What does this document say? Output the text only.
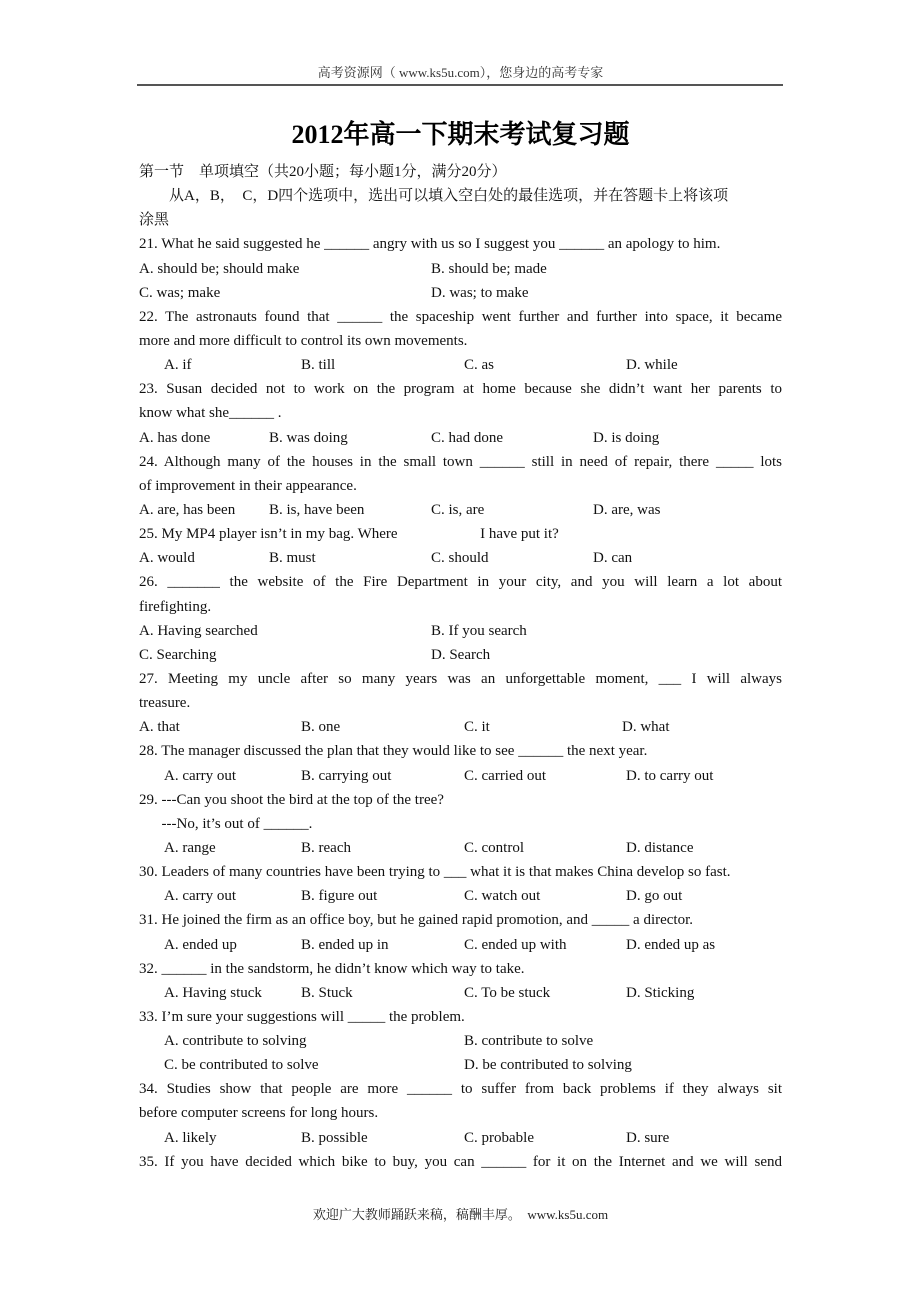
高考资源网（ www.ks5u.com），您身边的高考专家
2012年高一下期末考试复习题
第一节    单项填空（共20小题；每小题1分，满分20分）
从A，B，  C，D四个选项中，选出可以填入空白处的最佳选项，并在答题卡上将该项
涂黑
21. What he said suggested he ______ angry with us so I suggest you ______ an apology to him.
A. should be; should make	B. should be; made
C. was; make	D. was; to make
22. The astronauts found that ______ the spaceship went further and further into space, it became
more and more difficult to control its own movements.
A. if	B. till	C. as	D. while
23. Susan decided not to work on the program at home because she didn’t want her parents to
know what she______ .
A. has done	B. was doing	C. had done	D. is doing
24. Although many of the houses in the small town ______ still in need of repair, there _____ lots
of improvement in their appearance.
A. are, has been B. is, have been	C. is, are	D. are, was
25. My MP4 player isn’t in my bag. Where                      I have put it?
A. would	B. must	C. should	D. can
26. _______ the website of the Fire Department in your city, and you will learn a lot about
firefighting.
A. Having searched	B. If you search
C. Searching	D. Search
27. Meeting my uncle after so many years was an unforgettable moment, ___ I will always
treasure.
A. that	B. one	C. it	D. what
28. The manager discussed the plan that they would like to see ______ the next year.
A. carry out	B. carrying out	C. carried out	D. to carry out
29. ---Can you shoot the bird at the top of the tree?
---No, it’s out of ______.
A. range	B. reach	C. control	D. distance
30. Leaders of many countries have been trying to ___ what it is that makes China develop so fast.
A. carry out	B. figure out	C. watch out	D. go out
31. He joined the firm as an office boy, but he gained rapid promotion, and _____ a director.
A. ended up	B. ended up in	C. ended up with	D. ended up as
32. ______ in the sandstorm, he didn’t know which way to take.
A. Having stuck	B. Stuck	C. To be stuck	D. Sticking
33. I’m sure your suggestions will _____ the problem.
A. contribute to solving	B. contribute to solve
C. be contributed to solve	D. be contributed to solving
34. Studies show that people are more ______ to suffer from back problems if they always sit
before computer screens for long hours.
A. likely	B. possible	C. probable	D. sure
35. If you have decided which bike to buy, you can ______ for it on the Internet and we will send
欢迎广大教师踊跃来稿，稿酬丰厚。  www.ks5u.com
